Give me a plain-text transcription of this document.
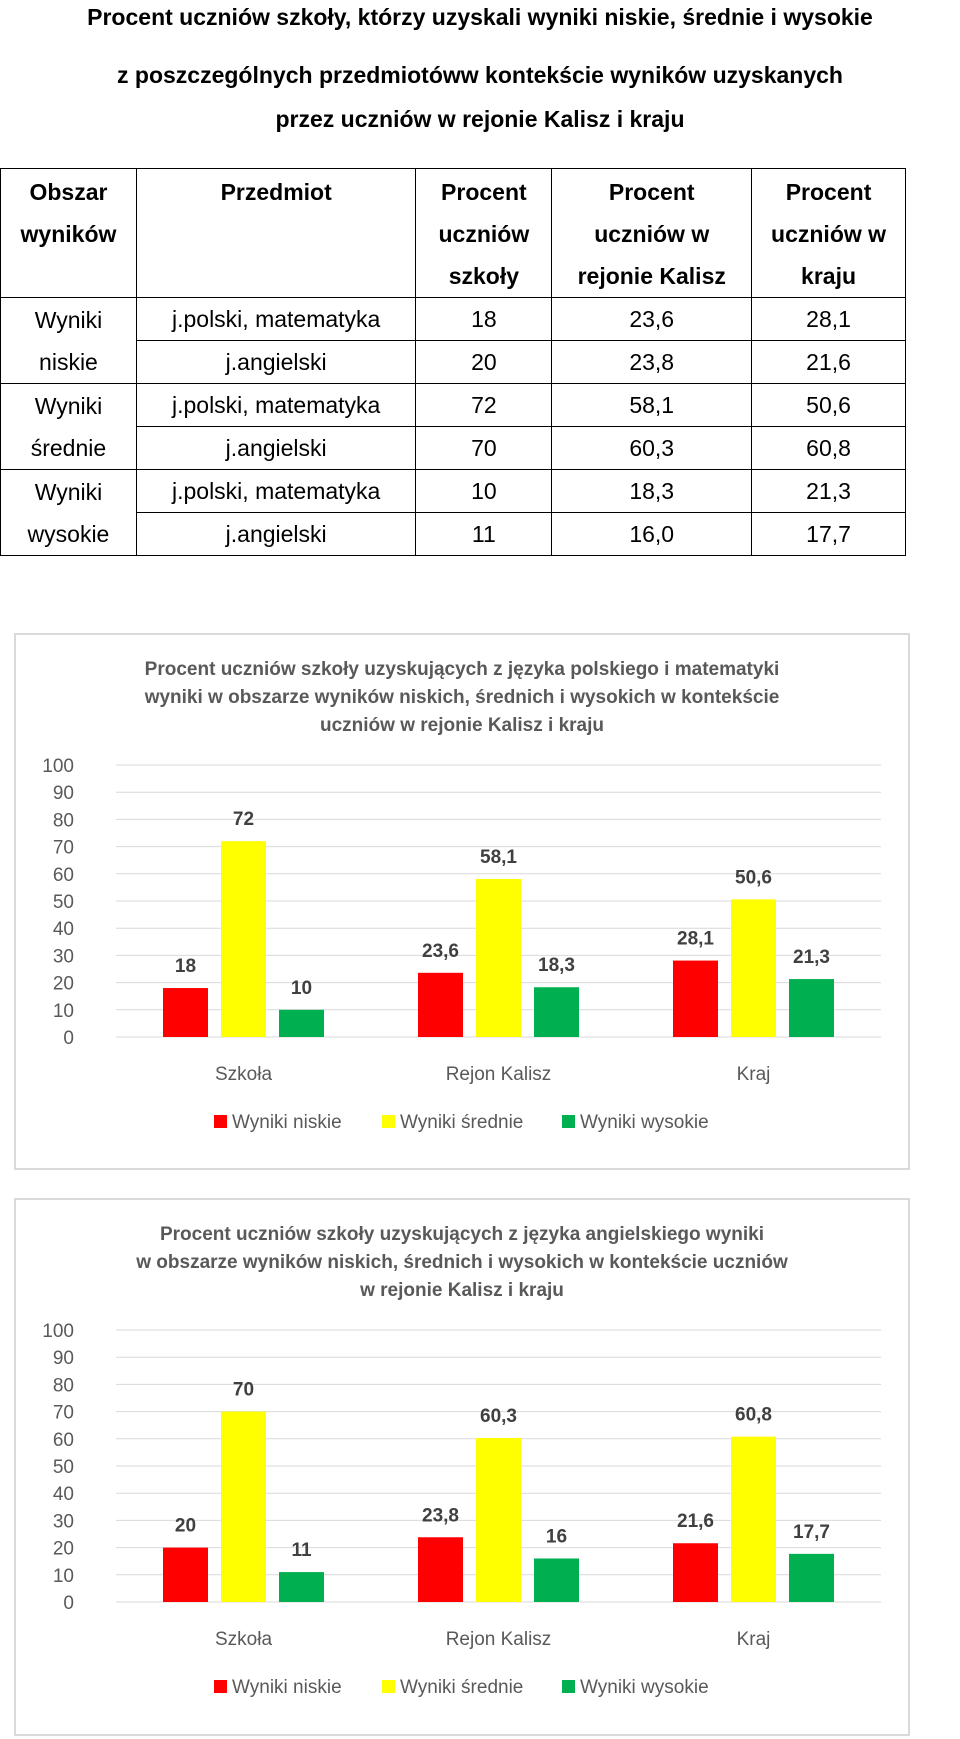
Procent uczniów szkoły, którzy uzyskali wyniki niskie, średnie i wysokie
z poszczególnych przedmiotóww kontekście wyników uzyskanych
przez uczniów w rejonie Kalisz i kraju
Obszar wyników	Przedmiot	Procent uczniów szkoły	Procent uczniów w rejonie Kalisz	Procent uczniów w kraju
Wyniki niskie	j.polski, matematyka	18	23,6	28,1
	j.angielski	20	23,8	21,6
Wyniki średnie	j.polski, matematyka	72	58,1	50,6
	j.angielski	70	60,3	60,8
Wyniki wysokie	j.polski, matematyka	10	18,3	21,3
	j.angielski	11	16,0	17,7
Procent uczniów szkoły uzyskujących z języka polskiego i matematyki
wyniki w obszarze wyników niskich, średnich i wysokich w kontekście
uczniów w rejonie Kalisz i kraju
0
10
20
30
40
50
60
70
80
90
100
18
72
10
Szkoła
23,6
58,1
18,3
Rejon Kalisz
28,1
50,6
21,3
Kraj
Wyniki niskie	Wyniki średnie	Wyniki wysokie
Procent uczniów szkoły uzyskujących z języka angielskiego wyniki
w obszarze wyników niskich, średnich i wysokich w kontekście uczniów
w rejonie Kalisz i kraju
0
10
20
30
40
50
60
70
80
90
100
20
70
11
Szkoła
23,8
60,3
16
Rejon Kalisz
21,6
60,8
17,7
Kraj
Wyniki niskie	Wyniki średnie	Wyniki wysokie
